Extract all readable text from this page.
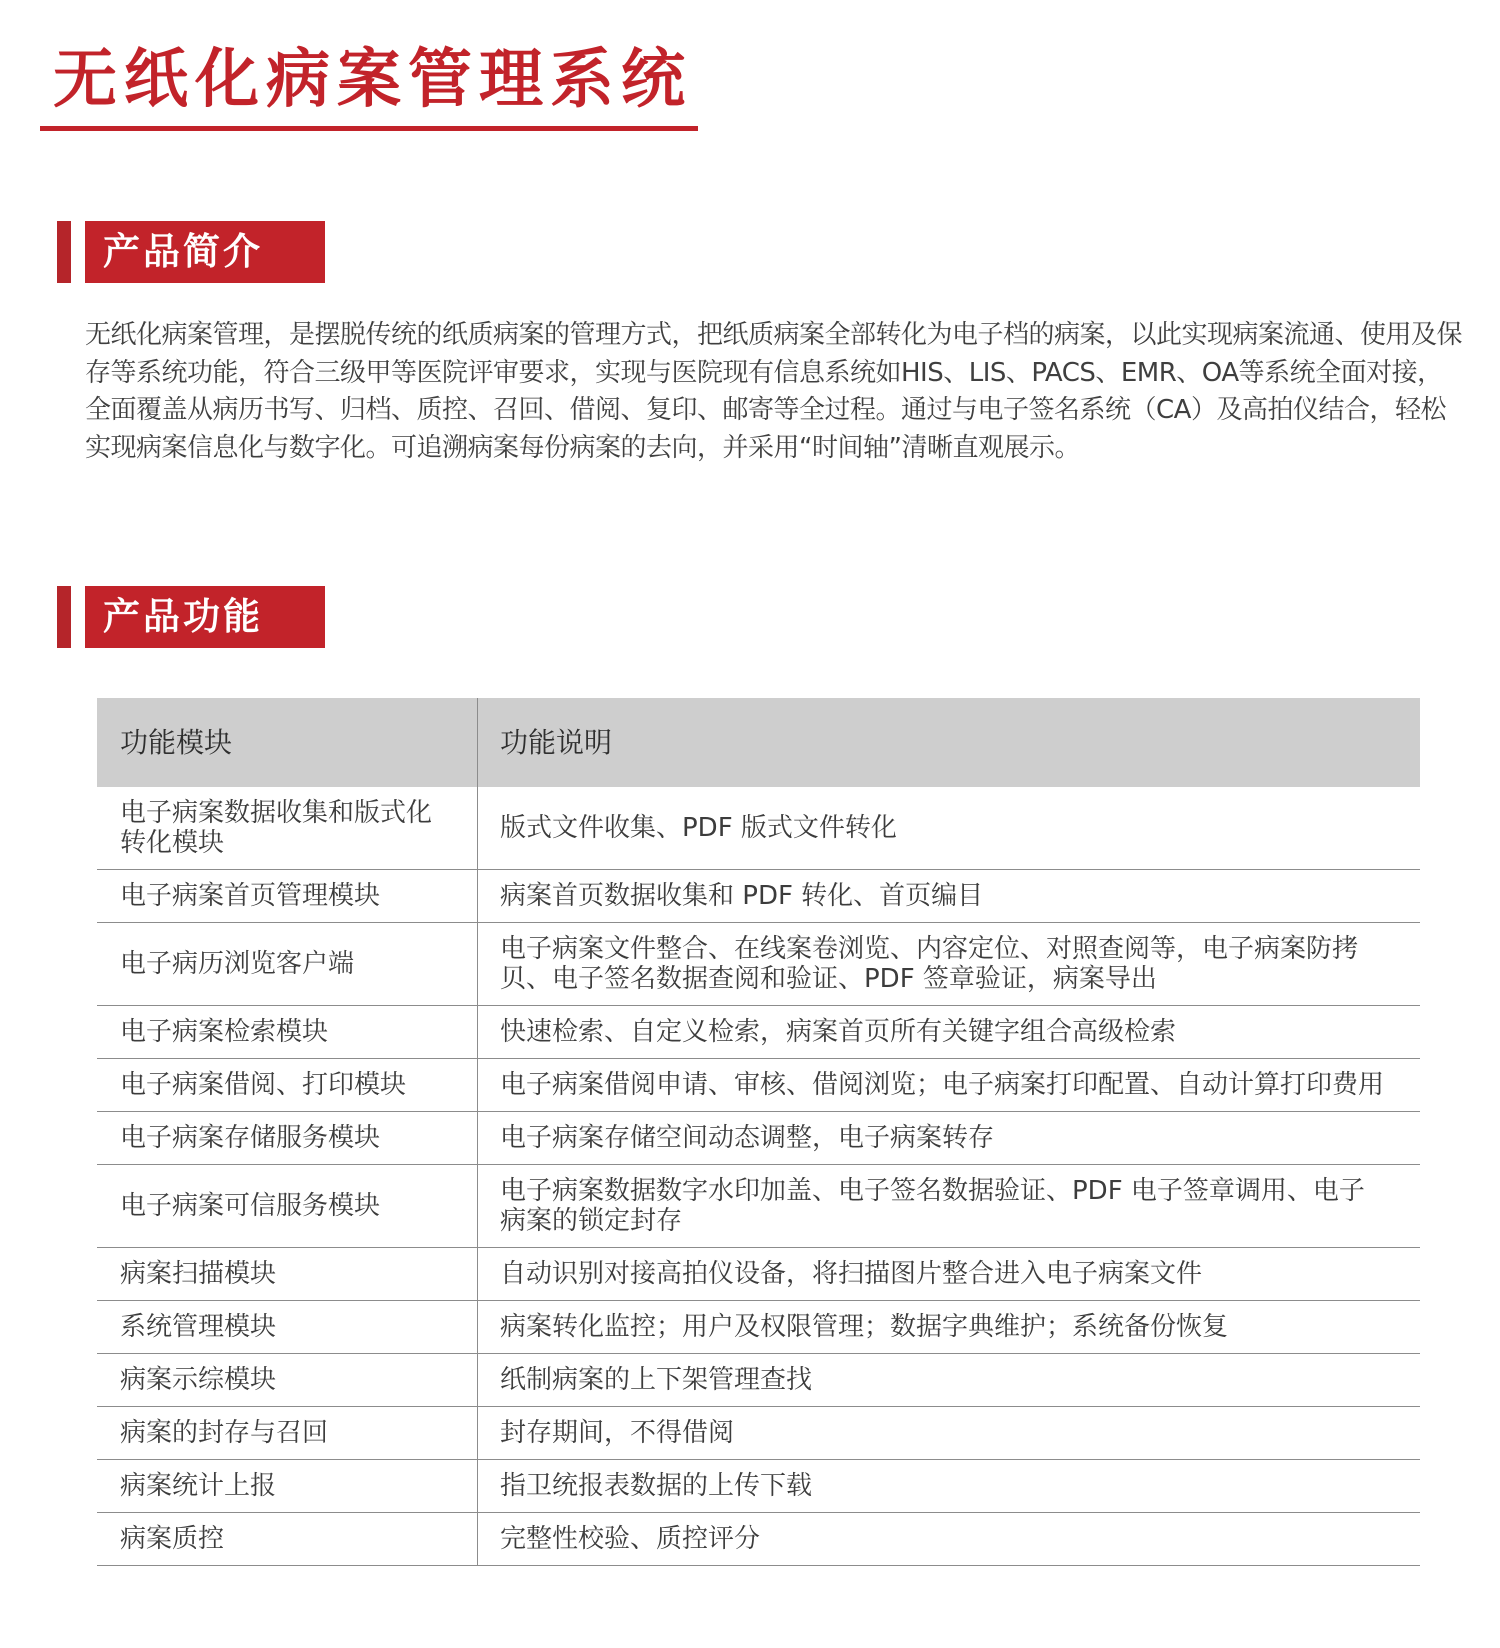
无纸化病案管理系统
产品简介
无纸化病案管理，是摆脱传统的纸质病案的管理方式，把纸质病案全部转化为电子档的病案，以此实现病案流通、使用及保
存等系统功能，符合三级甲等医院评审要求，实现与医院现有信息系统如HIS、LIS、PACS、EMR、OA等系统全面对接，
全面覆盖从病历书写、归档、质控、召回、借阅、复印、邮寄等全过程。通过与电子签名系统（CA）及高拍仪结合，轻松
实现病案信息化与数字化。可追溯病案每份病案的去向，并采用“时间轴”清晰直观展示。
产品功能
功能模块	功能说明
电子病案数据收集和版式化转化模块	版式文件收集、PDF 版式文件转化
电子病案首页管理模块	病案首页数据收集和 PDF 转化、首页编目
电子病历浏览客户端	电子病案文件整合、在线案卷浏览、内容定位、对照查阅等，电子病案防拷贝、电子签名数据查阅和验证、PDF 签章验证，病案导出
电子病案检索模块	快速检索、自定义检索，病案首页所有关键字组合高级检索
电子病案借阅、打印模块	电子病案借阅申请、审核、借阅浏览；电子病案打印配置、自动计算打印费用
电子病案存储服务模块	电子病案存储空间动态调整，电子病案转存
电子病案可信服务模块	电子病案数据数字水印加盖、电子签名数据验证、PDF 电子签章调用、电子病案的锁定封存
病案扫描模块	自动识别对接高拍仪设备，将扫描图片整合进入电子病案文件
系统管理模块	病案转化监控；用户及权限管理；数据字典维护；系统备份恢复
病案示综模块	纸制病案的上下架管理查找
病案的封存与召回	封存期间，不得借阅
病案统计上报	指卫统报表数据的上传下载
病案质控	完整性校验、质控评分
